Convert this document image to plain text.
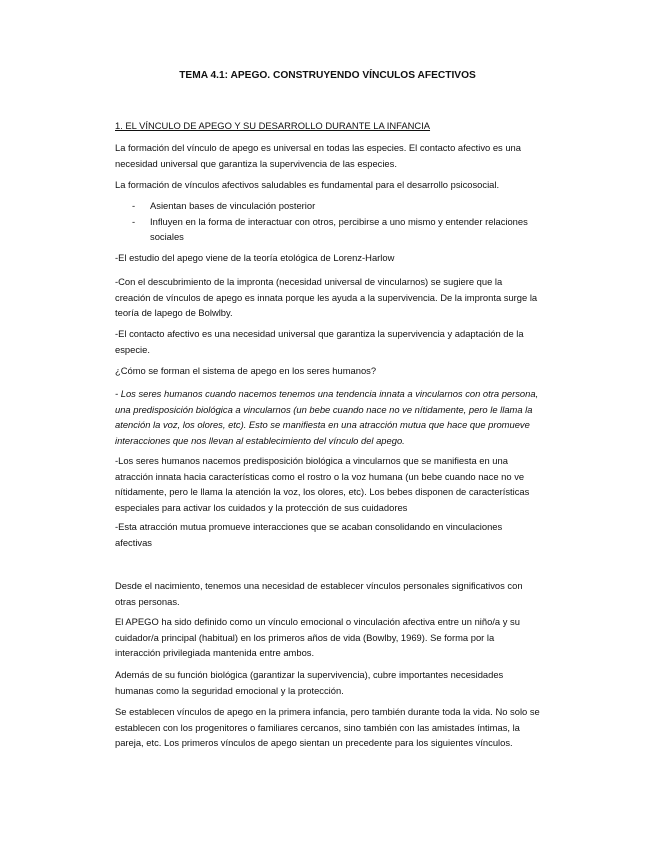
TEMA 4.1: APEGO. CONSTRUYENDO VÍNCULOS AFECTIVOS
1. EL VÍNCULO DE APEGO Y SU DESARROLLO DURANTE LA INFANCIA

La formación del vínculo de apego es universal en todas las especies. El contacto afectivo es una necesidad universal que garantiza la supervivencia de las especies.

La formación de vínculos afectivos saludables es fundamental para el desarrollo psicosocial.

- Asientan bases de vinculación posterior
- Influyen en la forma de interactuar con otros, percibirse a uno mismo y entender relaciones sociales

-El estudio del apego viene de la teoría etológica de Lorenz-Harlow

-Con el descubrimiento de la impronta (necesidad universal de vincularnos) se sugiere que la creación de vínculos de apego es innata porque les ayuda a la supervivencia. De la impronta surge la teoría de lapego de Bolwlby.

-El contacto afectivo es una necesidad universal que garantiza la supervivencia y adaptación de la especie.

¿Cómo se forman el sistema de apego en los seres humanos?

- Los seres humanos cuando nacemos tenemos una tendencia innata a vincularnos con otra persona, una predisposición biológica a vincularnos (un bebe cuando nace no ve nítidamente, pero le llama la atención la voz, los olores, etc). Esto se manifiesta en una atracción mutua que hace que promueve interacciones que nos llevan al establecimiento del vínculo del apego.

-Los seres humanos nacemos predisposición biológica a vincularnos que se manifiesta en una atracción innata hacia características como el rostro o la voz humana (un bebe cuando nace no ve nítidamente, pero le llama la atención la voz, los olores, etc). Los bebes disponen de características especiales para activar los cuidados y la protección de sus cuidadores

-Esta atracción mutua promueve interacciones que se acaban consolidando en vinculaciones afectivas

Desde el nacimiento, tenemos una necesidad de establecer vínculos personales significativos con otras personas.

El APEGO ha sido definido como un vínculo emocional o vinculación afectiva entre un niño/a y su cuidador/a principal (habitual) en los primeros años de vida (Bowlby, 1969). Se forma por la interacción privilegiada mantenida entre ambos.

Además de su función biológica (garantizar la supervivencia), cubre importantes necesidades humanas como la seguridad emocional y la protección.

Se establecen vínculos de apego en la primera infancia, pero también durante toda la vida. No solo se establecen con los progenitores o familiares cercanos, sino también con las amistades íntimas, la pareja, etc. Los primeros vínculos de apego sientan un precedente para los siguientes vínculos.
